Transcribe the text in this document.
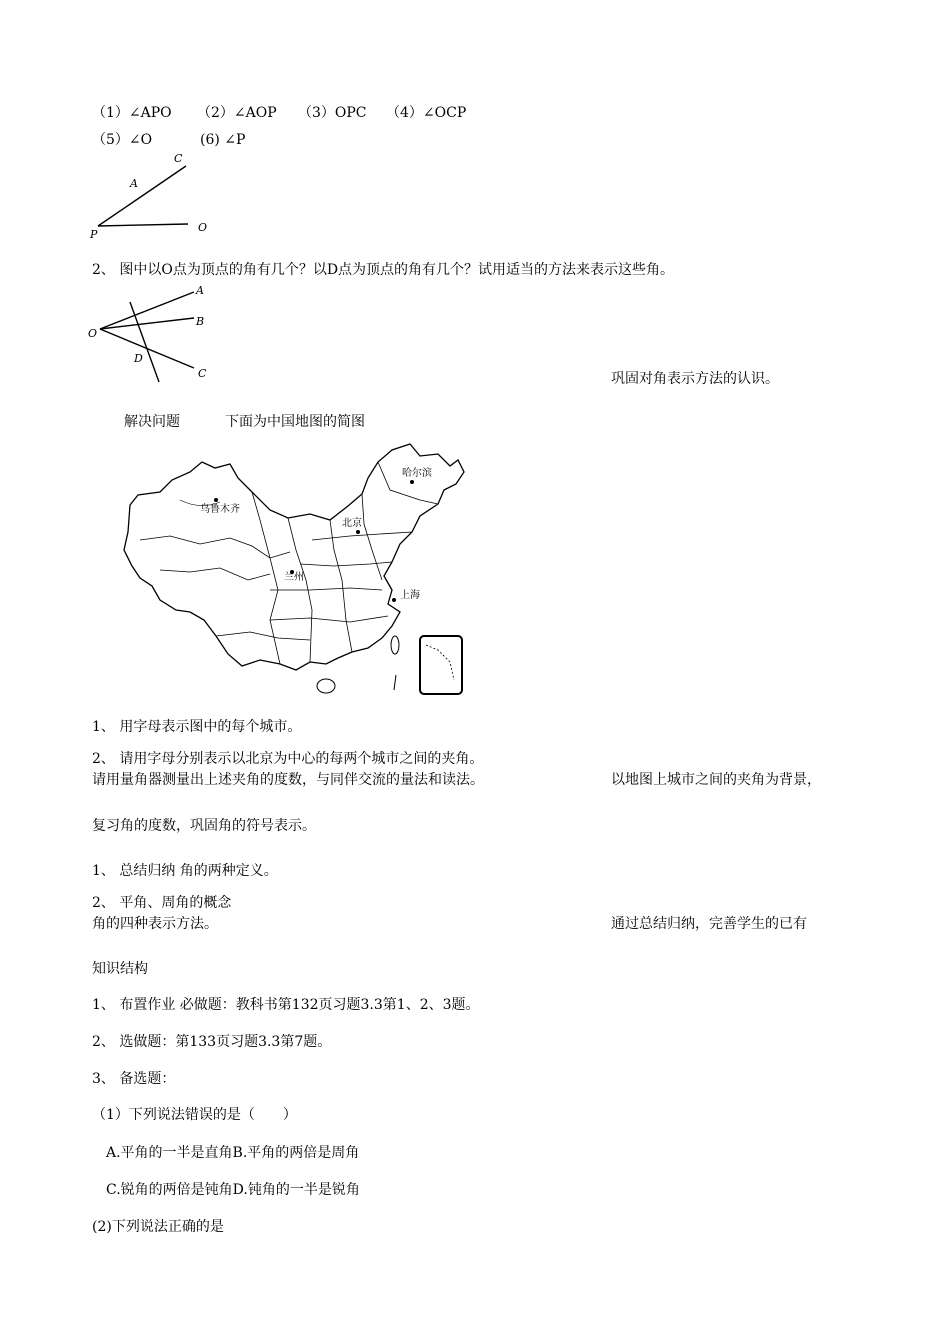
（1）∠APO （2）∠AOP （3）OPC （4）∠OCP
（5）∠O	(6) ∠P
C
A
P
O
2、 图中以O点为顶点的角有几个？以D点为顶点的角有几个？试用适当的方法来表示这些角。
A
B
O
D
C	巩固对角表示方法的认识。
解决问题	下面为中国地图的简图
乌鲁木齐
哈尔滨
北京
兰州
上海
1、 用字母表示图中的每个城市。
2、 请用字母分别表示以北京为中心的每两个城市之间的夹角。
请用量角器测量出上述夹角的度数，与同伴交流的量法和读法。	以地图上城市之间的夹角为背景，
复习角的度数，巩固角的符号表示。
1、 总结归纳 角的两种定义。
2、 平角、周角的概念
角的四种表示方法。	通过总结归纳，完善学生的已有
知识结构
1、 布置作业 必做题：教科书第132页习题3.3第1、2、3题。
2、 选做题：第133页习题3.3第7题。
3、 备选题：
（1）下列说法错误的是（　　）
A.平角的一半是直角B.平角的两倍是周角
C.锐角的两倍是钝角D.钝角的一半是锐角
(2)下列说法正确的是
